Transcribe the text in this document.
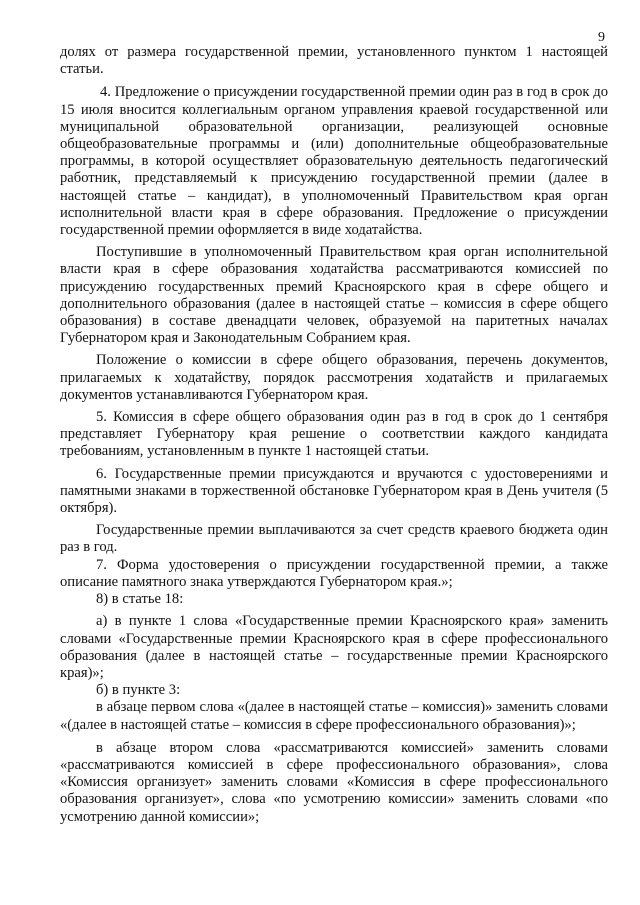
9

долях от размера государственной премии, установленного пунктом 1 настоящей статьи.

4. Предложение о присуждении государственной премии один раз в год в срок до 15 июля вносится коллегиальным органом управления краевой государственной или муниципальной образовательной организации, реализующей основные общеобразовательные программы и (или) дополнительные общеобразовательные программы, в которой осуществляет образовательную деятельность педагогический работник, представляемый к присуждению государственной премии (далее в настоящей статье – кандидат), в уполномоченный Правительством края орган исполнительной власти края в сфере образования. Предложение о присуждении государственной премии оформляется в виде ходатайства.

Поступившие в уполномоченный Правительством края орган исполнительной власти края в сфере образования ходатайства рассматриваются комиссией по присуждению государственных премий Красноярского края в сфере общего и дополнительного образования (далее в настоящей статье – комиссия в сфере общего образования) в составе двенадцати человек, образуемой на паритетных началах Губернатором края и Законодательным Собранием края.

Положение о комиссии в сфере общего образования, перечень документов, прилагаемых к ходатайству, порядок рассмотрения ходатайств и прилагаемых документов устанавливаются Губернатором края.

5. Комиссия в сфере общего образования один раз в год в срок до 1 сентября представляет Губернатору края решение о соответствии каждого кандидата требованиям, установленным в пункте 1 настоящей статьи.

6. Государственные премии присуждаются и вручаются с удостоверениями и памятными знаками в торжественной обстановке Губернатором края в День учителя (5 октября).

Государственные премии выплачиваются за счет средств краевого бюджета один раз в год.

7. Форма удостоверения о присуждении государственной премии, а также описание памятного знака утверждаются Губернатором края.»;

8) в статье 18:

а) в пункте 1 слова «Государственные премии Красноярского края» заменить словами «Государственные премии Красноярского края в сфере профессионального образования (далее в настоящей статье – государственные премии Красноярского края)»;

б) в пункте 3:

в абзаце первом слова «(далее в настоящей статье – комиссия)» заменить словами «(далее в настоящей статье – комиссия в сфере профессионального образования)»;

в абзаце втором слова «рассматриваются комиссией» заменить словами «рассматриваются комиссией в сфере профессионального образования», слова «Комиссия организует» заменить словами «Комиссия в сфере профессионального образования организует», слова «по усмотрению комиссии» заменить словами «по усмотрению данной комиссии»;
